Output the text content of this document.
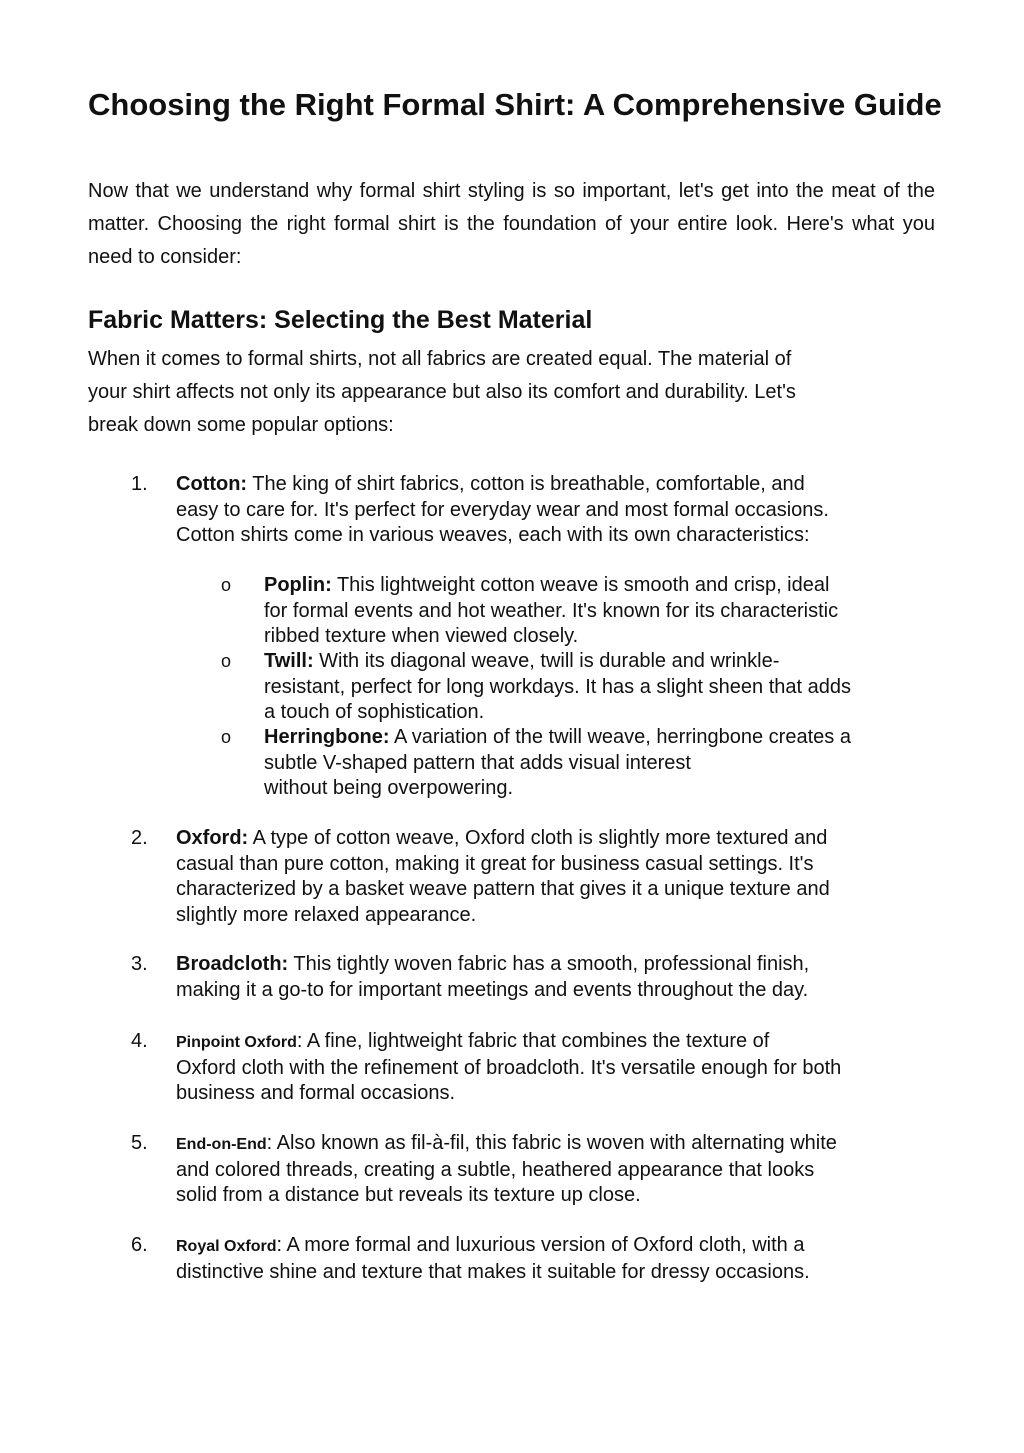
Choosing the Right Formal Shirt: A Comprehensive Guide

Now that we understand why formal shirt styling is so important, let's get into the meat of the matter. Choosing the right formal shirt is the foundation of your entire look. Here's what you need to consider:

Fabric Matters: Selecting the Best Material

When it comes to formal shirts, not all fabrics are created equal. The material of
your shirt affects not only its appearance but also its comfort and durability. Let's
break down some popular options:

1. Cotton: The king of shirt fabrics, cotton is breathable, comfortable, and
easy to care for. It's perfect for everyday wear and most formal occasions.
Cotton shirts come in various weaves, each with its own characteristics:

o Poplin: This lightweight cotton weave is smooth and crisp, ideal
for formal events and hot weather. It's known for its characteristic
ribbed texture when viewed closely.

o Twill: With its diagonal weave, twill is durable and wrinkle-
resistant, perfect for long workdays. It has a slight sheen that adds
a touch of sophistication.

o Herringbone: A variation of the twill weave, herringbone creates a
subtle V-shaped pattern that adds visual interest
without being overpowering.

2. Oxford: A type of cotton weave, Oxford cloth is slightly more textured and
casual than pure cotton, making it great for business casual settings. It's
characterized by a basket weave pattern that gives it a unique texture and
slightly more relaxed appearance.

3. Broadcloth: This tightly woven fabric has a smooth, professional finish,
making it a go-to for important meetings and events throughout the day.

4. Pinpoint Oxford: A fine, lightweight fabric that combines the texture of
Oxford cloth with the refinement of broadcloth. It's versatile enough for both
business and formal occasions.

5. End-on-End: Also known as fil-à-fil, this fabric is woven with alternating white
and colored threads, creating a subtle, heathered appearance that looks
solid from a distance but reveals its texture up close.

6. Royal Oxford: A more formal and luxurious version of Oxford cloth, with a
distinctive shine and texture that makes it suitable for dressy occasions.
